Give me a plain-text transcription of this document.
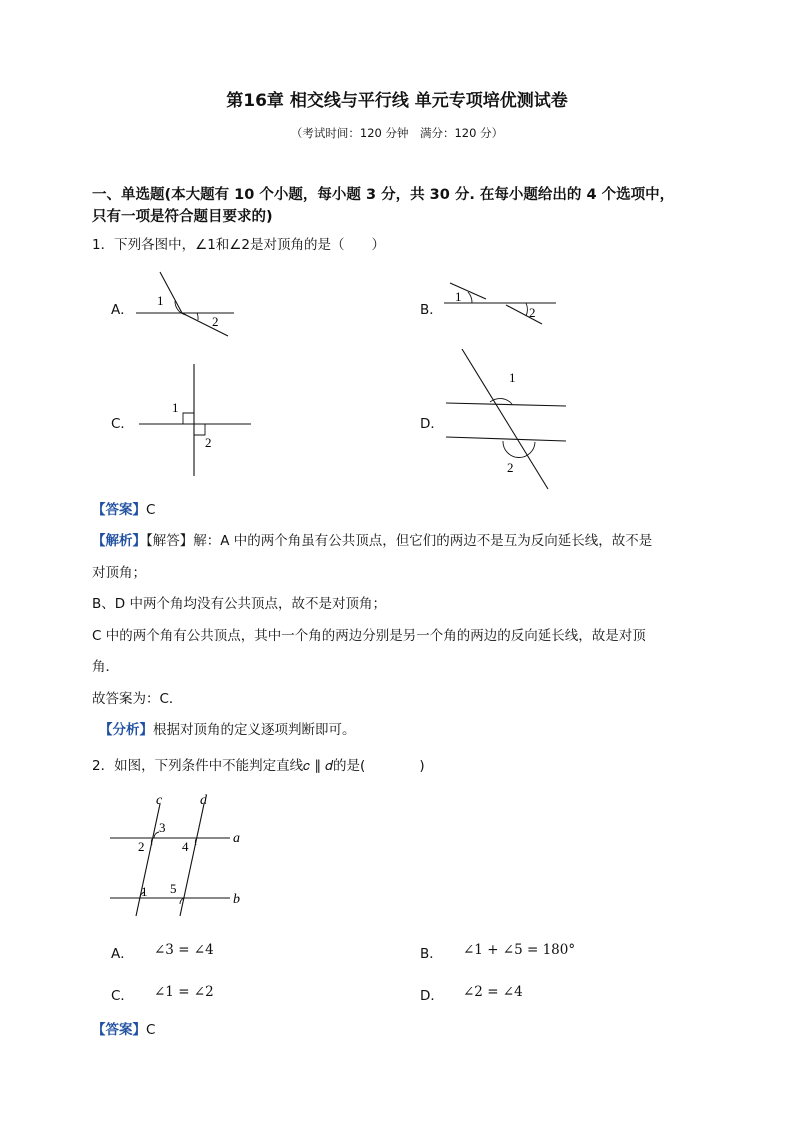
第16章 相交线与平行线 单元专项培优测试卷
（考试时间：120 分钟　满分：120 分）
一、单选题(本大题有 10 个小题，每小题 3 分，共 30 分. 在每小题给出的 4 个选项中，
只有一项是符合题目要求的)
1．下列各图中，∠1和∠2是对顶角的是（　　）
A．
1
2
B．
1
2
C．
1
2
D．
1
2
【答案】C
【解析】【解答】解：A 中的两个角虽有公共顶点，但它们的两边不是互为反向延长线，故不是
对顶角；
B、D 中两个角均没有公共顶点，故不是对顶角；
C 中的两个角有公共顶点，其中一个角的两边分别是另一个角的两边的反向延长线，故是对顶
角．
故答案为：C．
【分析】根据对顶角的定义逐项判断即可。
2．如图，下列条件中不能判定直线𝑐 ∥ 𝑑的是(　　　　)
c	d
a
b
3
2	4
1 5
A． ∠3 = ∠4	B． ∠1 + ∠5 = 180°
C． ∠1 = ∠2	D． ∠2 = ∠4
【答案】C
